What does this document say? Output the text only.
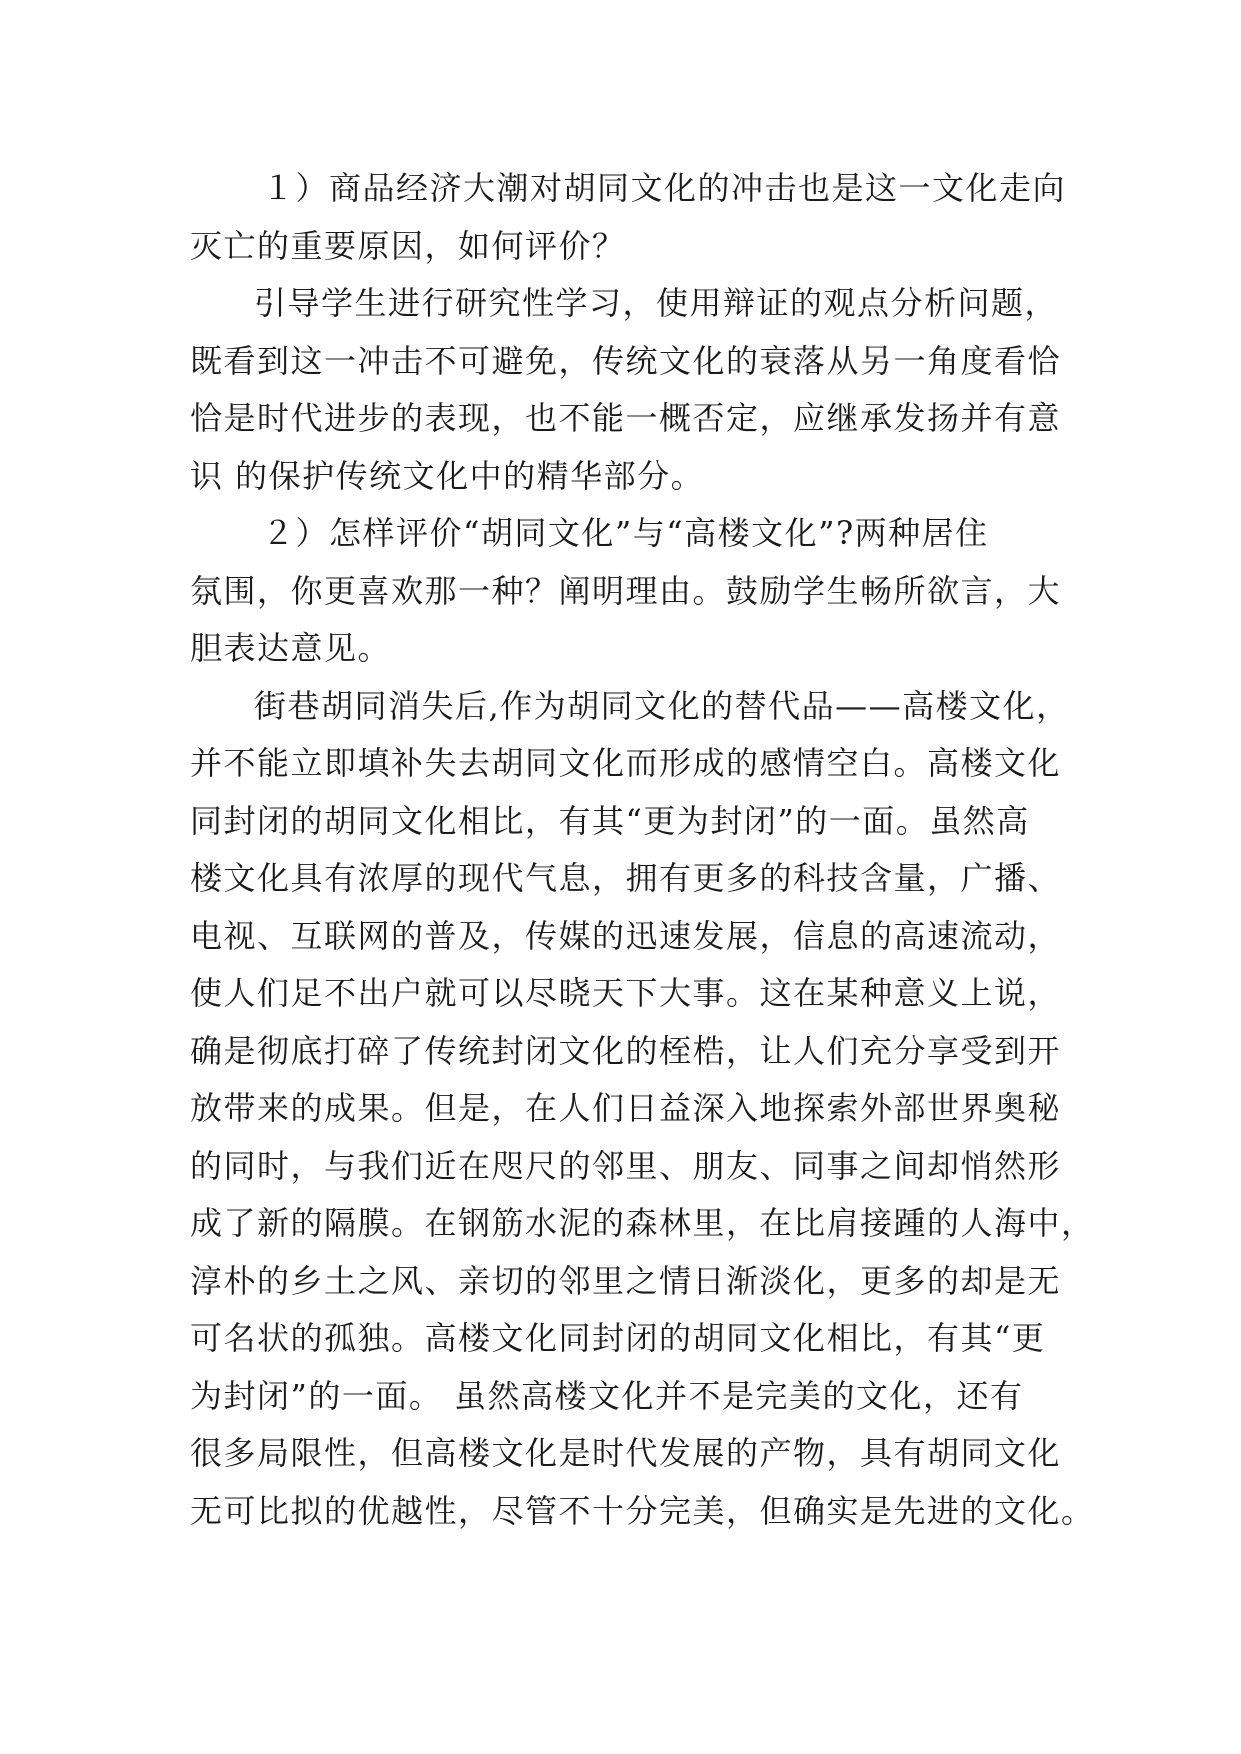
１）商品经济大潮对胡同文化的冲击也是这一文化走向
灭亡的重要原因，如何评价？
引导学生进行研究性学习，使用辩证的观点分析问题，
既看到这一冲击不可避免，传统文化的衰落从另一角度看恰
恰是时代进步的表现，也不能一概否定，应继承发扬并有意
识 的保护传统文化中的精华部分。
２）怎样评价“胡同文化”与“高楼文化”?两种居住
氛围，你更喜欢那一种？阐明理由。鼓励学生畅所欲言，大
胆表达意见。
街巷胡同消失后,作为胡同文化的替代品——高楼文化，
并不能立即填补失去胡同文化而形成的感情空白。高楼文化
同封闭的胡同文化相比，有其“更为封闭”的一面。虽然高
楼文化具有浓厚的现代气息，拥有更多的科技含量，广播、
电视、互联网的普及，传媒的迅速发展，信息的高速流动，
使人们足不出户就可以尽晓天下大事。这在某种意义上说，
确是彻底打碎了传统封闭文化的桎梏，让人们充分享受到开
放带来的成果。但是，在人们日益深入地探索外部世界奥秘
的同时，与我们近在咫尺的邻里、朋友、同事之间却悄然形
成了新的隔膜。在钢筋水泥的森林里，在比肩接踵的人海中，
淳朴的乡土之风、亲切的邻里之情日渐淡化，更多的却是无
可名状的孤独。高楼文化同封闭的胡同文化相比，有其“更
为封闭”的一面。 虽然高楼文化并不是完美的文化，还有
很多局限性，但高楼文化是时代发展的产物，具有胡同文化
无可比拟的优越性，尽管不十分完美，但确实是先进的文化。
